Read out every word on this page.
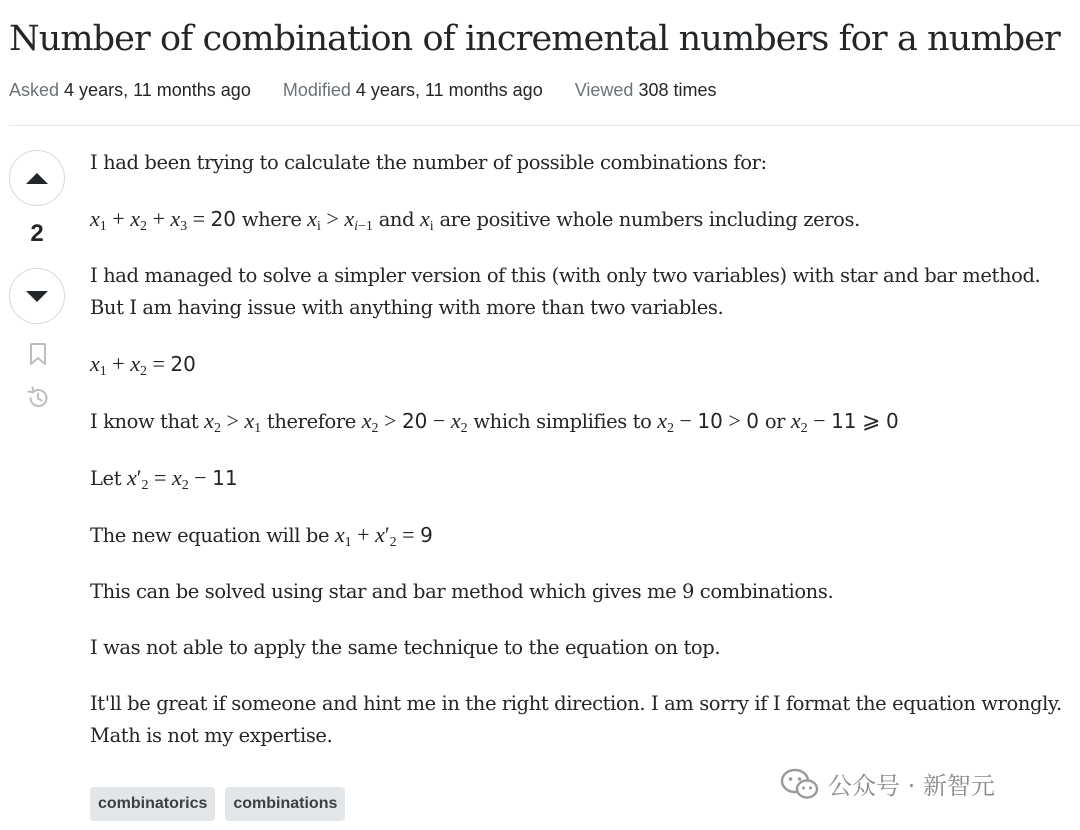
Number of combination of incremental numbers for a number
Asked 4 years, 11 months ago Modified 4 years, 11 months ago Viewed 308 times
2

I had been trying to calculate the number of possible combinations for:

$x_1 + x_2 + x_3 = 20$ where $x_i > x_{i-1}$ and $x_i$ are positive whole numbers including zeros.

I had managed to solve a simpler version of this (with only two variables) with star and bar method. But I am having issue with anything with more than two variables.

$x_1 + x_2 = 20$

I know that $x_2 > x_1$ therefore $x_2 > 20 - x_2$ which simplifies to $x_2 - 10 > 0$ or $x_2 - 11$ ⩾ 0

Let $x'_2 = x_2 - 11$

The new equation will be $x_1 + x'_2 = 9$

This can be solved using star and bar method which gives me 9 combinations.

I was not able to apply the same technique to the equation on top.

It'll be great if someone and hint me in the right direction. I am sorry if I format the equation wrongly. Math is not my expertise.

combinatorics	combinations
公众号 · 新智元
